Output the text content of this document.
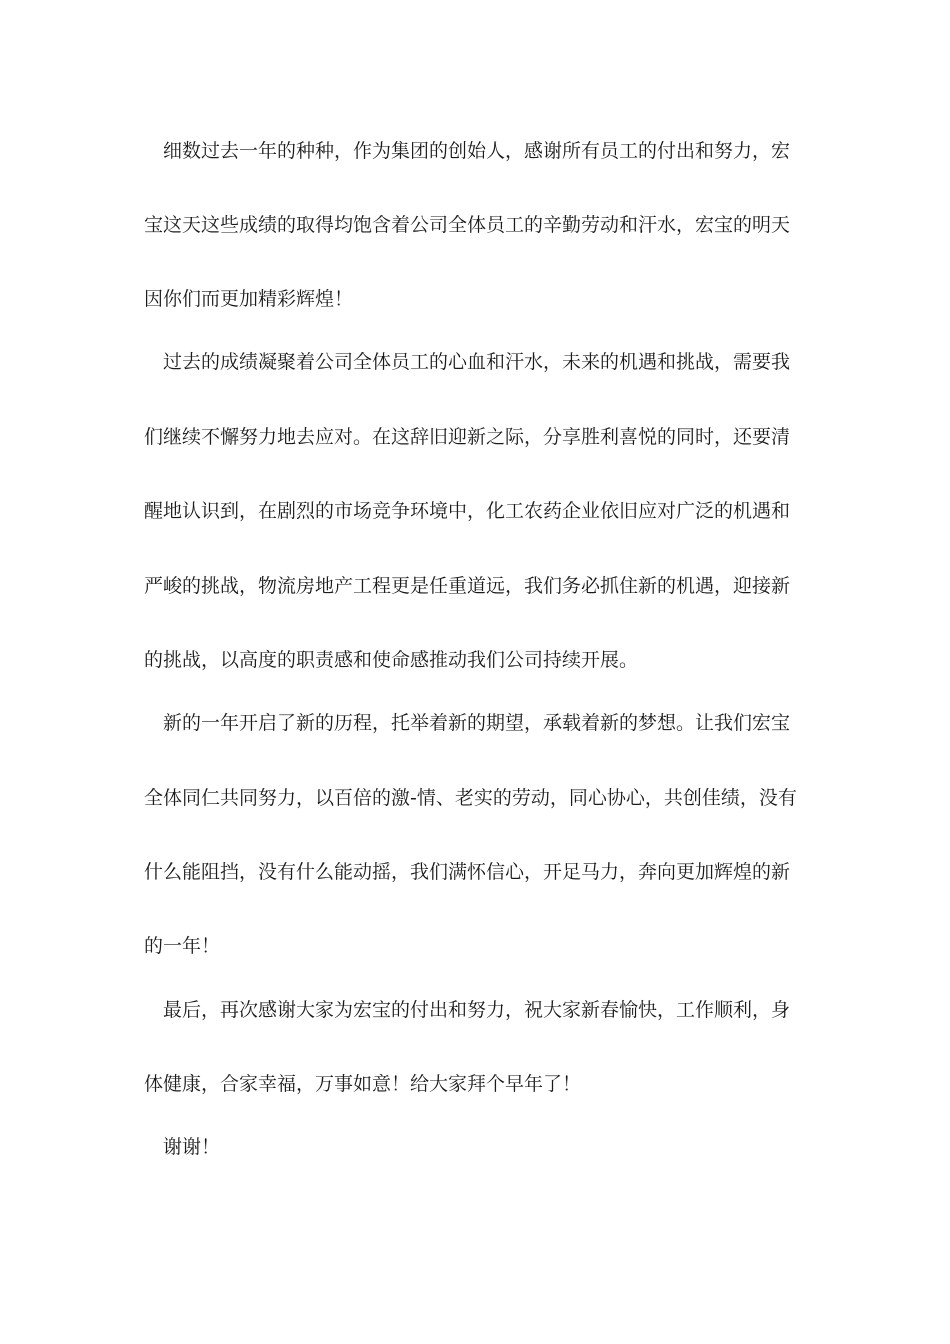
细数过去一年的种种，作为集团的创始人，感谢所有员工的付出和努力，宏
宝这天这些成绩的取得均饱含着公司全体员工的辛勤劳动和汗水，宏宝的明天
因你们而更加精彩辉煌！
过去的成绩凝聚着公司全体员工的心血和汗水，未来的机遇和挑战，需要我
们继续不懈努力地去应对。在这辞旧迎新之际，分享胜利喜悦的同时，还要清
醒地认识到，在剧烈的市场竞争环境中，化工农药企业依旧应对广泛的机遇和
严峻的挑战，物流房地产工程更是任重道远，我们务必抓住新的机遇，迎接新
的挑战，以高度的职责感和使命感推动我们公司持续开展。
新的一年开启了新的历程，托举着新的期望，承载着新的梦想。让我们宏宝
全体同仁共同努力，以百倍的激-情、老实的劳动，同心协心，共创佳绩，没有
什么能阻挡，没有什么能动摇，我们满怀信心，开足马力，奔向更加辉煌的新
的一年！
最后，再次感谢大家为宏宝的付出和努力，祝大家新春愉快，工作顺利，身
体健康，合家幸福，万事如意！给大家拜个早年了！
谢谢！
